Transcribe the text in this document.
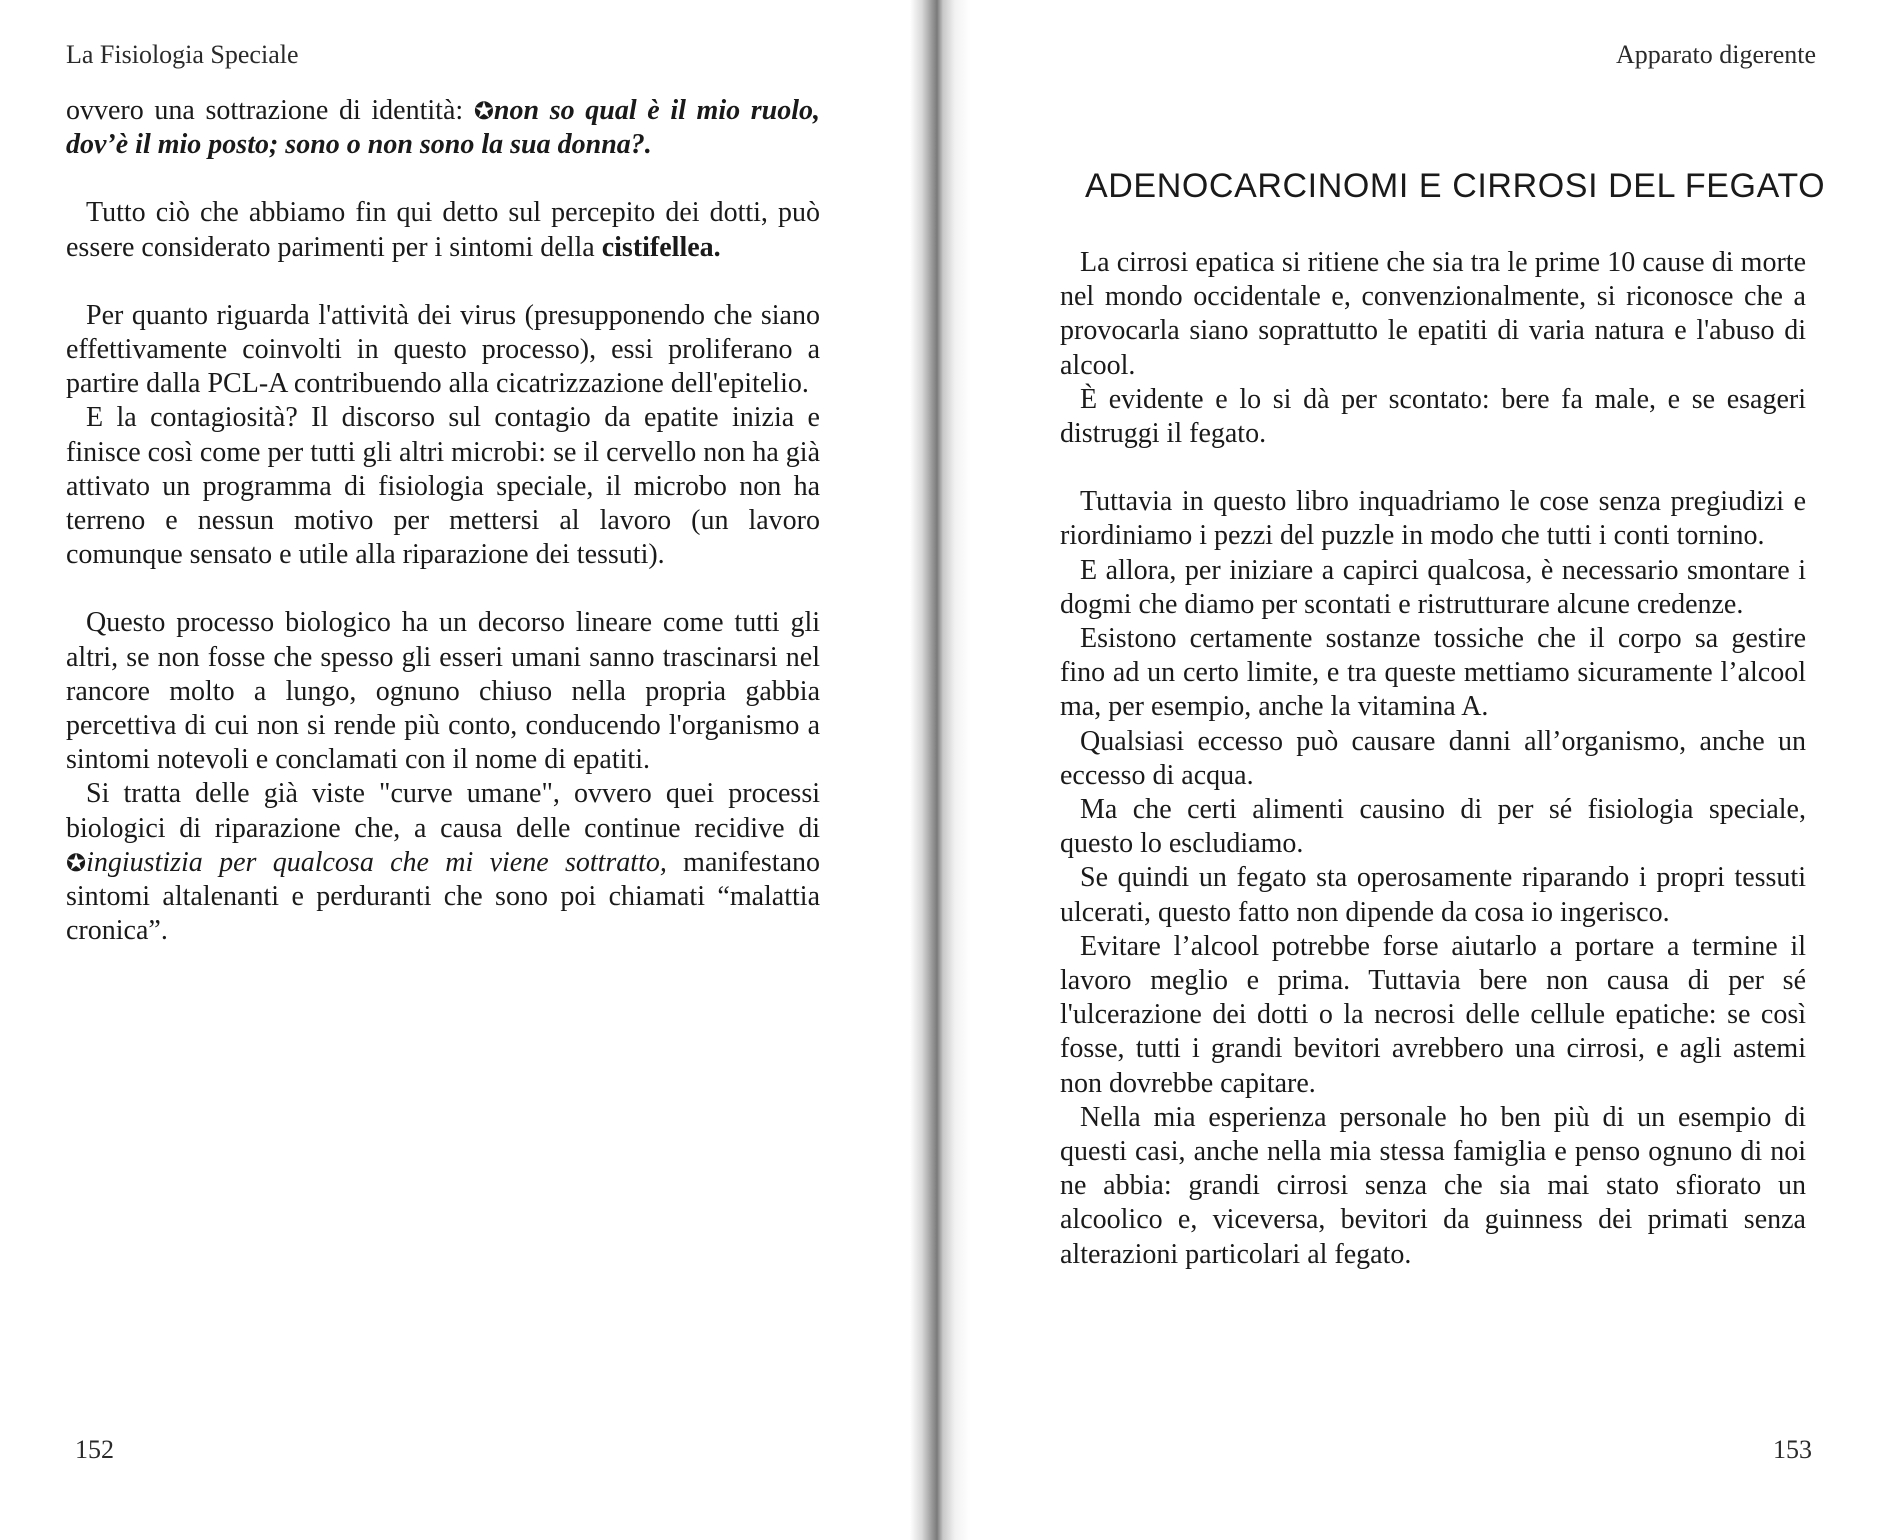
La Fisiologia Speciale

ovvero una sottrazione di identità: ✪non so qual è il mio ruolo, dov’è il mio posto; sono o non sono la sua donna?.

Tutto ciò che abbiamo fin qui detto sul percepito dei dotti, può essere considerato parimenti per i sintomi della cistifellea.

Per quanto riguarda l'attività dei virus (presupponendo che siano effettivamente coinvolti in questo processo), essi proliferano a partire dalla PCL-A contribuendo alla cicatrizzazione dell'epitelio.

E la contagiosità? Il discorso sul contagio da epatite inizia e finisce così come per tutti gli altri microbi: se il cervello non ha già attivato un programma di fisiologia speciale, il microbo non ha terreno e nessun motivo per mettersi al lavoro (un lavoro comunque sensato e utile alla riparazione dei tessuti).

Questo processo biologico ha un decorso lineare come tutti gli altri, se non fosse che spesso gli esseri umani sanno trascinarsi nel rancore molto a lungo, ognuno chiuso nella propria gabbia percettiva di cui non si rende più conto, conducendo l'organismo a sintomi notevoli e conclamati con il nome di epatiti.

Si tratta delle già viste "curve umane", ovvero quei processi biologici di riparazione che, a causa delle continue recidive di ✪ingiustizia per qualcosa che mi viene sottratto, manifestano sintomi altalenanti e perduranti che sono poi chiamati “malattia cronica”.

152
Apparato digerente
ADENOCARCINOMI E CIRROSI DEL FEGATO

La cirrosi epatica si ritiene che sia tra le prime 10 cause di morte nel mondo occidentale e, convenzionalmente, si riconosce che a provocarla siano soprattutto le epatiti di varia natura e l'abuso di alcool.

È evidente e lo si dà per scontato: bere fa male, e se esageri distruggi il fegato.

Tuttavia in questo libro inquadriamo le cose senza pregiudizi e riordiniamo i pezzi del puzzle in modo che tutti i conti tornino.

E allora, per iniziare a capirci qualcosa, è necessario smontare i dogmi che diamo per scontati e ristrutturare alcune credenze.

Esistono certamente sostanze tossiche che il corpo sa gestire fino ad un certo limite, e tra queste mettiamo sicuramente l’alcool ma, per esempio, anche la vitamina A.

Qualsiasi eccesso può causare danni all’organismo, anche un eccesso di acqua.

Ma che certi alimenti causino di per sé fisiologia speciale, questo lo escludiamo.

Se quindi un fegato sta operosamente riparando i propri tessuti ulcerati, questo fatto non dipende da cosa io ingerisco.

Evitare l’alcool potrebbe forse aiutarlo a portare a termine il lavoro meglio e prima. Tuttavia bere non causa di per sé l'ulcerazione dei dotti o la necrosi delle cellule epatiche: se così fosse, tutti i grandi bevitori avrebbero una cirrosi, e agli astemi non dovrebbe capitare.

Nella mia esperienza personale ho ben più di un esempio di questi casi, anche nella mia stessa famiglia e penso ognuno di noi ne abbia: grandi cirrosi senza che sia mai stato sfiorato un alcoolico e, viceversa, bevitori da guinness dei primati senza alterazioni particolari al fegato.

153
